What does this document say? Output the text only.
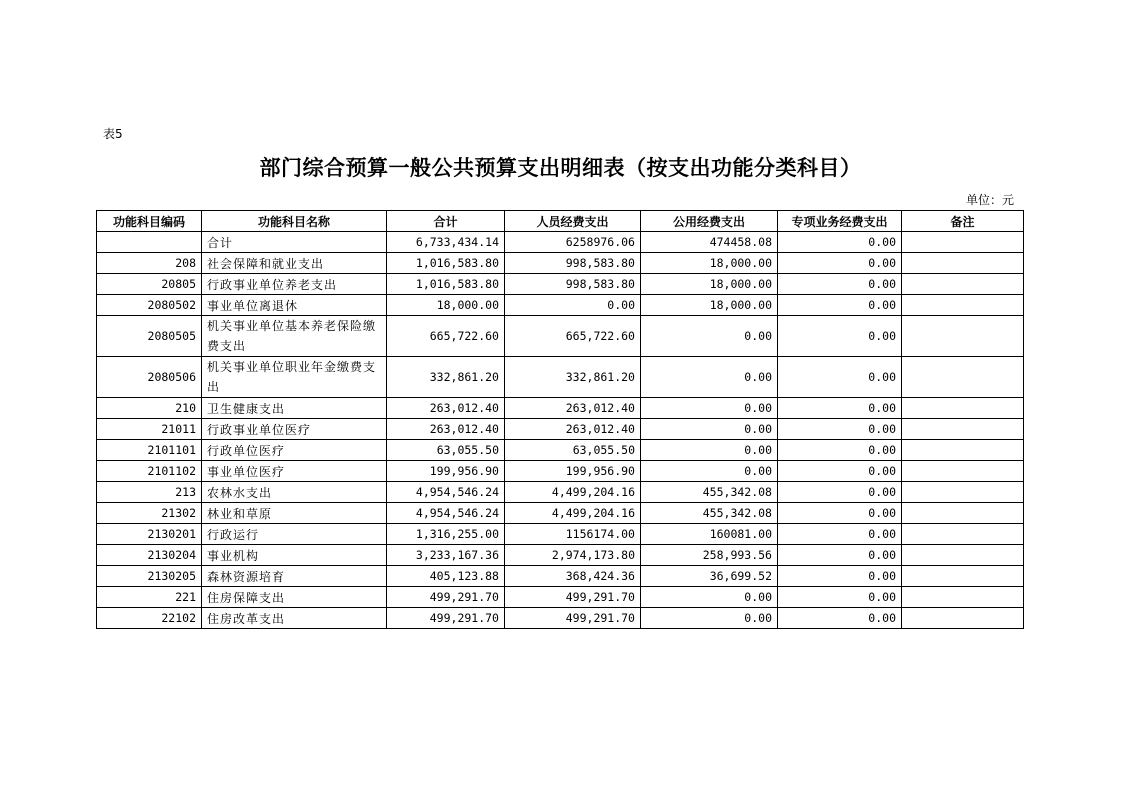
表5
部门综合预算一般公共预算支出明细表（按支出功能分类科目）
单位：元
功能科目编码	功能科目名称	合计	人员经费支出	公用经费支出	专项业务经费支出	备注
	合计	6,733,434.14	6258976.06	474458.08	0.00	
208	社会保障和就业支出	1,016,583.80	998,583.80	18,000.00	0.00	
20805	行政事业单位养老支出	1,016,583.80	998,583.80	18,000.00	0.00	
2080502	事业单位离退休	18,000.00	0.00	18,000.00	0.00	
2080505	机关事业单位基本养老保险缴费支出	665,722.60	665,722.60	0.00	0.00	
2080506	机关事业单位职业年金缴费支出	332,861.20	332,861.20	0.00	0.00	
210	卫生健康支出	263,012.40	263,012.40	0.00	0.00	
21011	行政事业单位医疗	263,012.40	263,012.40	0.00	0.00	
2101101	行政单位医疗	63,055.50	63,055.50	0.00	0.00	
2101102	事业单位医疗	199,956.90	199,956.90	0.00	0.00	
213	农林水支出	4,954,546.24	4,499,204.16	455,342.08	0.00	
21302	林业和草原	4,954,546.24	4,499,204.16	455,342.08	0.00	
2130201	行政运行	1,316,255.00	1156174.00	160081.00	0.00	
2130204	事业机构	3,233,167.36	2,974,173.80	258,993.56	0.00	
2130205	森林资源培育	405,123.88	368,424.36	36,699.52	0.00	
221	住房保障支出	499,291.70	499,291.70	0.00	0.00	
22102	住房改革支出	499,291.70	499,291.70	0.00	0.00	
